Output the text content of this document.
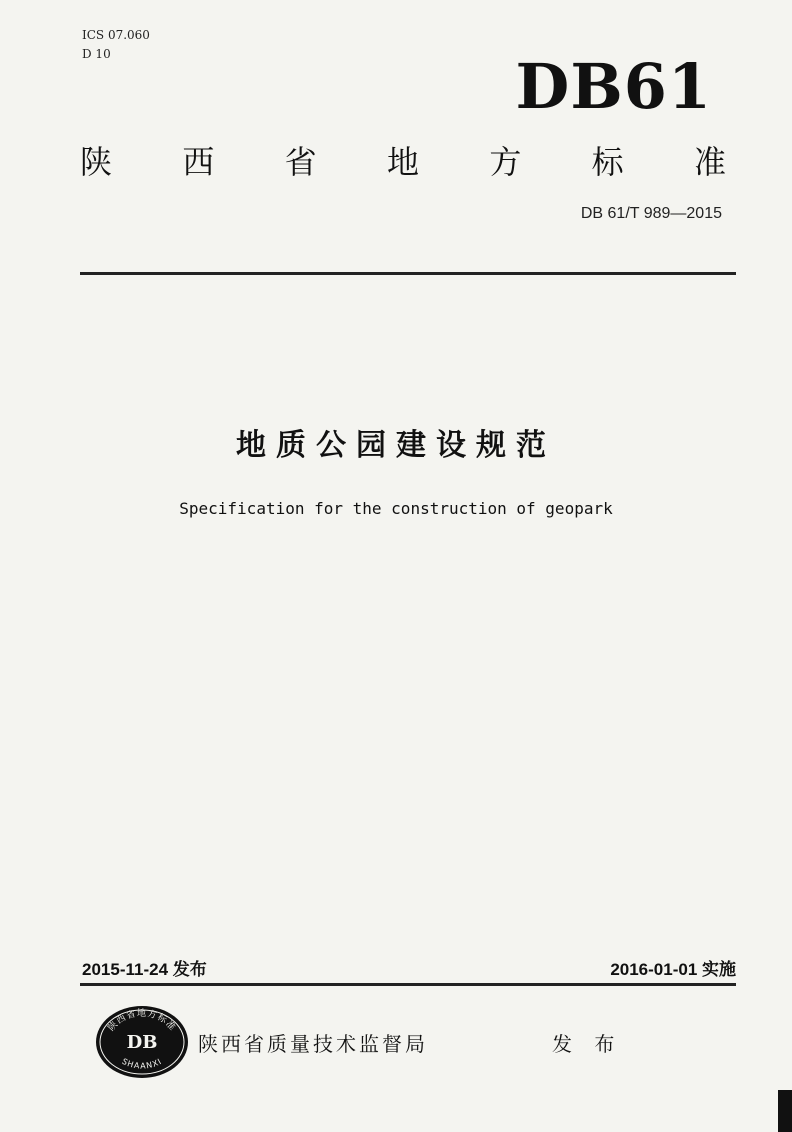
ICS 07.060
D 10	DB61
陕 西 省 地 方 标 准
DB 61/T 989—2015
地质公园建设规范
Specification for the construction of geopark
2015-11-24 发布	2016-01-01 实施
陕西省地方标准
DB
SHAANXI
陕西省质量技术监督局	发 布
